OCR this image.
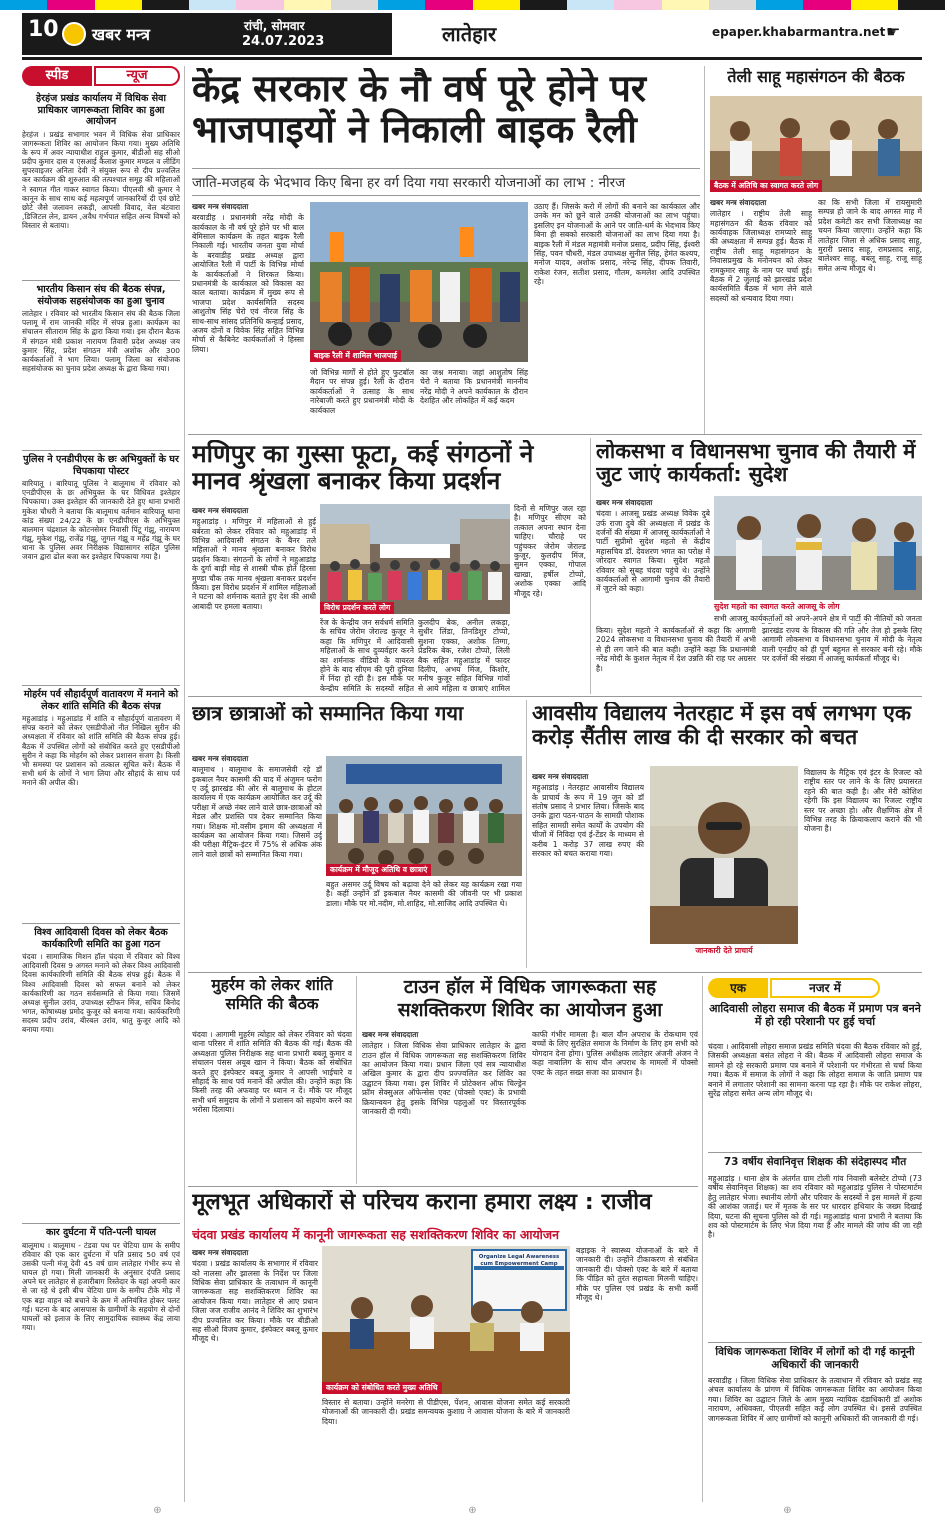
10 खबर मन्त्र	रांची, सोमवार
24.07.2023	लातेहार	epaper.khabarmantra.net ☛
स्पीड	न्यूज
हेरहंज प्रखंड कार्यालय में विधिक सेवा प्राधिकार जागरूकता शिविर का हुआ आयोजन
हेरहंज । प्रखंड सभागार भवन में विधिक सेवा प्राधिकार जागरूकता शिविर का आयोजन किया गया। मुख्य अतिथि के रूप में अवर न्यायाधीश राहुल कुमार, बीडीओ सह सीओ प्रदीप कुमार दास व एसआई कैलाश कुमार मण्डल व लीडिंग सुपरवाइजर अनिता देवी ने संयुक्त रूप से दीप प्रज्वलित कर कार्यक्रम की शुरुआत की तत्पश्चात समूह की महिलाओं ने स्वागत गीत गाकर स्वागत किया। पीएलवी श्री कुमार ने कानून के साथ साथ कई महत्वपूर्ण जानकारियों दी एवं छोटे छोटे जैसे जलावन लकड़ी, आपसी विवाद, वेल बंटवारा ,डिजिटल लेन, डायन ,अवैध गर्भपात सहित अन्य विषयों को विस्तार से बताया।
भारतीय किसान संघ की बैठक संपन्न, संयोजक सहसंयोजक का हुआ चुनाव
लातेहार । रविवार को भारतीय किसान संघ की बैठक जिला पलामू में राम जानकी मंदिर में संपन्न हुआ। कार्यक्रम का संचालन सीताराम सिंह के द्वारा किया गया। इस दौरान बैठक में संगठन मंत्री प्रकाश नारायण तिवारी प्रदेश अध्यक्ष जय कुमार सिंह, प्रदेश संगठन मंत्री अशोक और 300 कार्यकर्ताओं ने भाग लिया। पलामू जिला का संयोजक सहसंयोजक का चुनाव प्रदेश अध्यक्ष के द्वारा किया गया।
पुलिस ने एनडीपीएस के छः अभियुक्तों के घर चिपकाया पोस्टर
बारियातू । बारियातू पुलिस ने बालूमाथ में रविवार को एनडीपीएस के छः अभियुक्त के घर विधिवत इश्तेहार चिपकाया। उक्त इश्तेहार की जानकारी देते हुए थाना प्रभारी मुकेश चौधरी ने बताया कि बालूमाथ वर्तमान बारियातू थाना कांड संख्या 24/22 के छः एनडीपीएस के अभियुक्त बालमान चंद्रशाल के कोटनसेमर निवासी पिंटू गंझू, नारायण गंझू, मुकेश गंझू, राजेंद्र गंझू, जुगल गंझू व महेंद्र गंझू के घर थाना के पुलिस अवर निरीक्षक विद्यासागर सहित पुलिस जवान द्वारा ढोल बजा कर इश्तेहार चिपकाया गया है।
मोहर्रम पर्व सौहार्दपूर्ण वातावरण में मनाने को लेकर शांति समिति की बैठक संपन्न
महुआडांड़ । महुआडांड़ में शांति व सौहार्दपूर्ण वातावरण में संपन्न कराने को लेकर एसडीपीओ नीत निखिल सुरीन की अध्यक्षता में रविवार को शांति समिति की बैठक संपन्न हुई। बैठक में उपस्थित लोगों को संबोधित करते हुए एसडीपीओ सुरीन ने कहा कि मोहर्रम को लेकर प्रशासन सजग है। किसी भी समस्या पर प्रशासन को तत्काल सूचित करें। बैठक में सभी धर्म के लोगों ने भाग लिया और सौहार्द के साथ पर्व मनाने की अपील की।
विश्व आदिवासी दिवस को लेकर बैठक कार्यकारिणी समिति का हुआ गठन
चंदवा । सामाजिक मिशन हॉल चंदवा में रविवार को विश्व आदिवासी दिवस 9 अगस्त मनाने को लेकर विश्व आदिवासी दिवस कार्यकारिणी समिति की बैठक संपन्न हुई। बैठक में विश्व आदिवासी दिवस को सफल बनाने को लेकर कार्यकारिणी का गठन सर्वसम्मति से किया गया। जिसमें अध्यक्ष सुनील उरांव, उपाध्यक्ष स्टीफन मिंज, सचिव बिनोद भगत, कोषाध्यक्ष प्रमोद कुजूर को बनाया गया। कार्यकारिणी सदस्य प्रदीप उरांव, बीरबल उरांव, धातु कुजूर आदि को बनाया गया।
कार दुर्घटना में पति-पत्नी घायल
बालूमाथ । बालूमाथ - टंडवा पथ पर चेटिया ग्राम के समीप रविवार की एक कार दुर्घटना में पति प्रसाद 50 वर्ष एवं उसकी पत्नी मंजू देवी 45 वर्ष ग्राम लातेहार गंभीर रूप से घायल हो गया। मिली जानकारी के अनुसार दंपति प्रसाद अपने घर लातेहार से हजारीबाग रिस्तेदार के यहां अपनी कार से जा रहे थे इसी बीच चेटिया ग्राम के समीप टीके मोड़ में एक बड़ा वाहन को बचाने के क्रम में अनियंत्रित होकर पलट गई। घटना के बाद आसपास के ग्रामीणों के सहयोग से दोनों घायलों को इलाज के लिए सामुदायिक स्वास्थ्य केंद्र लाया गया।
केंद्र सरकार के नौ वर्ष पूरे होने पर भाजपाइयों ने निकाली बाइक रैली
जाति-मजहब के भेदभाव किए बिना हर वर्ग दिया गया सरकारी योजनाओं का लाभ : नीरज
खबर मन्त्र संवाददाता
बरवाडीह । प्रधानमंत्री नरेंद्र मोदी के कार्यकाल के नौ वर्ष पूरे होने पर भी बाल बेमिसाल कार्यक्रम के तहत बाइक रैली निकाली गई। भारतीय जनता युवा मोर्चा के बरवाडीह प्रखंड अध्यक्ष द्वारा आयोजित रैली में पार्टी के विभिन्न मोर्चा के कार्यकर्ताओं ने शिरकत किया। प्रधानमंत्री के कार्यकाल को विकास का काल बताया। कार्यक्रम में मुख्य रूप से भाजपा प्रदेश कार्यसमिति सदस्य आशुतोष सिंह चेरो एवं नीरज सिंह के साथ-साथ सांसद प्रतिनिधि कन्हाई प्रसाद, अजय दोनों व विवेक सिंह सहित विभिन्न मोर्चा से कैबिनेट कार्यकर्ताओं ने हिस्सा लिया।
बाइक रैली में शामिल भाजपाई
जो विभिन्न मार्गों से होते हुए फुटबॉल मैदान पर संपन्न हुई। रैली के दौरान कार्यकर्ताओं ने उत्साह के साथ नारेबाजी करते हुए प्रधानमंत्री मोदी के कार्यकाल
का जश्न मनाया। जहां आशुतोष सिंह चेरो ने बताया कि प्रधानमंत्री माननीय नरेंद्र मोदी ने अपने कार्यकाल के दौरान देशहित और लोकहित में कई कदम
उठाए हैं। जिसके करो में लोगों की बनाने का कार्यकाल और उनके मन को छूने वाले उनकी योजनाओं का लाभ पहुंचा। इसलिए इन योजनाओं के आने पर जाति-धर्म के भेदभाव किए बिना ही सबको सरकारी योजनाओं का लाभ दिया गया है। बाइक रैली में मंडल महामंत्री मनोज प्रसाद, प्रदीप सिंह, ईश्वरी सिंह, पवन चौधरी, मंडल उपाध्यक्ष सुनील सिंह, हेमंत कश्यप, मनोज यादव, अशोक प्रसाद, नरेन्द्र सिंह, दीपक तिवारी, राकेश रंजन, सतीश प्रसाद, गौतम, कमलेश आदि उपस्थित रहे।
तेली साहू महासंगठन की बैठक
बैठक में अतिथि का स्वागत करते लोग
खबर मन्त्र संवाददाता
लातेहार । राष्ट्रीय तेली साहू महासंगठन की बैठक रविवार को कार्यवाहक जिलाध्यक्ष रामप्यारे साहू की अध्यक्षता में सम्पन्न हुई। बैठक में राष्ट्रीय तेली साहू महासंगठन के निवासप्रमुख के मनोनयन को लेकर रामकुमार साहू के नाम पर चर्चा हुई। बैठक में 2 जुलाई को झारखंड प्रदेश कार्यसमिति बैठक में भाग लेने वाले सदस्यों को धन्यवाद दिया गया।
का कि सभी जिला में रायसुमारी सम्पन्न हो जाने के बाद अगस्त माह में प्रदेश कमेटी कर सभी जिलाध्यक्ष का चयन किया जाएगा। उन्होंने कहा कि लातेहार जिला से अधिक प्रसाद साहू, मुरारी प्रसाद साहू, रामप्रसाद साहू, बालेश्वर साहू, बबलू साहू, राजू साहू समेत अन्य मौजूद थे।
मणिपुर का गुस्सा फूटा, कई संगठनों ने मानव श्रृंखला बनाकर किया प्रदर्शन
खबर मन्त्र संवाददाता
महुआडांड़ । मणिपुर में महिलाओं से हुई बर्बरता को लेकर रविवार को महुआडांड़ में विभिन्न आदिवासी संगठन के बैनर तले महिलाओं ने मानव श्रृंखला बनाकर विरोध प्रदर्शन किया। संगठनों के लोगों ने महुआडांड़ के दुर्गा बाड़ी मोड़ से शास्त्री चौक होते हिरसा मुण्डा चौक तक मानव श्रृंखला बनाकर प्रदर्शन किया। इस विरोध प्रदर्शन में शामिल महिलाओं ने घटना को शर्मनाक बताते हुए देश की आधी आबादी पर हमला बताया।	विरोध प्रदर्शन करते लोग
दिनों से मणिपुर जल रहा है। मणिपुर सीएम को तत्काल अपना स्थान देना चाहिए। चौराहे पर पहुंचकर जेरोम जेराल्ड कुजूर, कुलदीप मिंज, सुमन एक्का, गोपाल खाखा, हर्षील टोप्पो, अशोक एक्का आदि मौजूद रहे।
रेंज के केन्द्रीय जन सर्वधर्म समिति के सचिव जेरोम जेराल्ड कुजूर ने कहा कि मणिपुर में आदिवासी महिलाओं के साथ दुव्यर्वहार करने का शर्मनाक वीडियो के वायरल होने के बाद सीएम की पूरी दुनिया में निंदा हो रही है। इस मौके पर केन्द्रीय समिति के सदस्यों सहित
कुलदीप बेक, अनील लकड़ा, सुधीर लिंडा, तिनडिशुर टोप्पो, सुशना एक्का, अशोक तिग्गा, प्रेडरिक बेक, रजेश टोप्पो, लिली बैक सहित महुआडांड़ में फादर दिलीप, अभय मिंज, किशोर, मनीष कुजूर सहित विभिन्न गांवों से आये महिला व छात्राएं शामिल
लोकसभा व विधानसभा चुनाव की तैयारी में जुट जाएं कार्यकर्ता: सुदेश
खबर मन्त्र संवाददाता
चंदवा । आजसू प्रखंड अध्यक्ष विवेक दुबे उर्फ राजा दुबे की अध्यक्षता में प्रखंड के दर्जनों की संख्या में आजसू कार्यकर्ताओं ने पार्टी सुप्रीमो सुदेश महतो से केंद्रीय महासचिव डॉ. देवशरण भगत का परोक्ष में जोरदार स्वागत किया। सुदेश महतो रविवार को सुबह चंदवा पहुंचे थे। उन्होंने कार्यकर्ताओं से आगामी चुनाव की तैयारी में जुटने को कहा।
सुदेश महतो का स्वागत करते आजसू के लोग
सभी आजसू कार्यकर्ताओं को अपने-अपने क्षेत्र में पार्टी की नीतियों को जनता
किया। सुदेश महतो ने कार्यकर्ताओं से कहा कि आगामी 2024 लोकसभा व विधानसभा चुनाव की तैयारी में अभी से ही लग जाने की बात कही। उन्होंने कहा कि प्रधानमंत्री नरेंद्र मोदी के कुशल नेतृत्व में देश उन्नति की राह पर अग्रसर है।
झारखंड राज्य के विकास की गति और तेज हो इसके लिए आगामी लोकसभा व विधानसभा चुनाव में मोदी के नेतृत्व वाली एनडीए को ही पूर्ण बहुमत से सरकार बनी रहे। मौके पर दर्जनों की संख्या में आजसू कार्यकर्ता मौजूद थे।
छात्र छात्राओं को सम्मानित किया गया
खबर मन्त्र संवाददाता
बालूमाथ । बालूमाथ के समाजसेवी रहे डॉ इकबाल नैयर कासमी की याद में अंजुमन फरोग ए उर्दू झारखंड की ओर से बालूमाथ के होटल कार्यालय में एक कार्यक्रम आयोजित कर उर्दू की परीक्षा में अच्छे नंबर लाने वाले छात्र-छात्राओं को मेडल और प्रशस्ति पत्र देकर सम्मानित किया गया। शिक्षक मो.वसीम इमाम की अध्यक्षता में कार्यक्रम का आयोजन किया गया। जिसमें उर्दू की परीक्षा मैट्रिक-इंटर में 75% से अधिक अंक लाने वाले छात्रों को सम्मानित किया गया।
कार्यक्रम में मौजूद अतिथि व छात्राएं
बहुत असमर उर्दू विषय को बढ़ावा देने को लेकर यह कार्यक्रम रखा गया है। कहीं उन्होंने डॉ इकबाल नैयर कासमी की जीवनी पर भी प्रकाश डाला। मौके पर मो.नदीम, मो.शाहिद, मो.साजिद आदि उपस्थित थे।
आवसीय विद्यालय नेतरहाट में इस वर्ष लगभग एक करोड़ सैंतीस लाख की दी सरकार को बचत
खबर मन्त्र संवाददाता
महुआडांड़ । नेतरहाट आवासीय विद्यालय के प्राचार्य के रूप में 19 जून को डॉ संतोष प्रसाद ने प्रभार लिया। जिसके बाद उनके द्वारा पठन-पाठन के सामग्री पोशाक सहित सामग्री समेत कार्यों के उपयोग की चीजों में निविदा एवं ई-टेंडर के माध्यम से करीब 1 करोड़ 37 लाख रुपए की सरकार को बचत कराया गया।
जानकारी देते प्राचार्य
विद्यालय के मैट्रिक एवं इंटर के रिजल्ट को राष्ट्रीय स्तर पर लाने के के लिए प्रयासरत रहने की बात कही है। और मेरी कोशिश रहेगी कि इस विद्यालय का रिजल्ट राष्ट्रीय स्तर पर अच्छा हो। और शैक्षणिक क्षेत्र में विभिन्न तरह के क्रियाकलाप कराने की भी योजना है।
मुहर्रम को लेकर शांति समिति की बैठक
चंदवा । आगामी मुहर्रम त्योहार को लेकर रविवार को चंदवा थाना परिसर में शांति समिति की बैठक की गई। बैठक की अध्यक्षता पुलिस निरीक्षक सह थाना प्रभारी बबलू कुमार व संचालन पंसस अयूब खान ने किया। बैठक को संबोधित करते हुए इंस्पेक्टर बबलू कुमार ने आपसी भाईचारे व सौहार्द के साथ पर्व मनाने की अपील की। उन्होंने कहा कि किसी तरह की अफवाह पर ध्यान न दें। मौके पर मौजूद सभी धर्म समुदाय के लोगों ने प्रशासन को सहयोग करने का भरोसा दिलाया।
टाउन हॉल में विधिक जागरूकता सह सशक्तिकरण शिविर का आयोजन हुआ
खबर मन्त्र संवाददाता
लातेहार । जिला विधिक सेवा प्राधिकार लातेहार के द्वारा टाउन हॉल में विधिक जागरूकता सह सशक्तिकरण शिविर का आयोजन किया गया। प्रधान जिला एवं सत्र न्यायाधीश अखिल कुमार के द्वारा दीप प्रज्ज्वलित कर शिविर का उद्घाटन किया गया। इस शिविर में प्रोटेक्शन ऑफ चिल्ड्रेन फ्रॉम सेक्सुअल ऑफेन्सेस एक्ट (पोक्सो एक्ट) के प्रभावी क्रियान्वयन हेतु इसके विभिन्न पहलुओं पर विस्तारपूर्वक जानकारी दी गयी।
काफी गंभीर मामला है। बाल यौन अपराध के रोकथाम एवं बच्चों के लिए सुरक्षित समाज के निर्माण के लिए हम सभी को योगदान देना होगा। पुलिस अधीक्षक लातेहार अंजनी अंजन ने कहा नाबालिग के साथ यौन अपराध के मामलों में पोक्सो एक्ट के तहत सख्त सजा का प्रावधान है।
एक	नजर में
आदिवासी लोहरा समाज की बैठक में प्रमाण पत्र बनने में हो रही परेशानी पर हुई चर्चा
चंदवा । आदिवासी लोहरा समाज प्रखंड समिति चंदवा की बैठक रविवार को हुई, जिसकी अध्यक्षता बसंत लोहरा ने की। बैठक में आदिवासी लोहरा समाज के सामने हो रहे सरकारी प्रमाण पत्र बनाने में परेशानी पर गंभीरता से चर्चा किया गया। बैठक में समाज के लोगों ने कहा कि लोहरा समाज के जाति प्रमाण पत्र बनाने में लगातार परेशानी का सामना करना पड़ रहा है। मौके पर राकेश लोहरा, सुरेंद्र लोहरा समेत अन्य लोग मौजूद थे।
73 वर्षीय सेवानिवृत्त शिक्षक की संदेहास्पद मौत
महुआडांड़ । थाना क्षेत्र के अंतर्गत ग्राम टोली गांव निवासी बलेस्टेर टोप्पो (73 वर्षीय सेवानिवृत्त शिक्षक) का शव रविवार को महुआडांड़ पुलिस ने पोस्टमार्टम हेतु लातेहार भेजा। स्थानीय लोगों और परिवार के सदस्यों ने इस मामले में हत्या की आशंका जताई। घर में मृतक के सर पर धारदार हथियार के जख्म दिखाई दिया, घटना की सूचना पुलिस को दी गई। महुआडांड़ थाना प्रभारी ने बताया कि शव को पोस्टमार्टम के लिए भेज दिया गया है और मामले की जांच की जा रही है।
विधिक जागरूकता शिविर में लोगों को दी गई कानूनी अधिकारों की जानकारी
बरवाडीह । जिला विधिक सेवा प्राधिकार के तत्वाधान में रविवार को प्रखंड सह अंचल कार्यालय के प्रांगण में विधिक जागरूकता शिविर का आयोजन किया गया। शिविर का उद्घाटन जिले के आम मुख्य न्यायिक दंडाधिकारी डॉ अशोक नारायण, अधिवक्ता, पीएलवी सहित कई लोग उपस्थित थे। इससे उपस्थित जागरूकता शिविर में आए ग्रामीणों को कानूनी अधिकारों की जानकारी दी गई।
मूलभूत अधिकारों से परिचय कराना हमारा लक्ष्य : राजीव
चंदवा प्रखंड कार्यालय में कानूनी जागरूकता सह सशक्तिकरण शिविर का आयोजन
खबर मन्त्र संवाददाता
चंदवा । प्रखंड कार्यालय के सभागार में रविवार को नालसा और झालसा के निर्देश पर जिला विधिक सेवा प्राधिकार के तत्वाधान में कानूनी जागरूकता सह सशक्तिकरण शिविर का आयोजन किया गया। लातेहार से आए प्रधान जिला जज राजीव आनंद ने शिविर का शुभारंभ दीप प्रज्वलित कर किया। मौके पर बीडीओ सह सीओ विजय कुमार, इंस्पेक्टर बबलू कुमार मौजूद थे।
Organize Legal Awareness cum Empowerment Camp
कार्यक्रम को संबोधित करते मुख्य अतिथि
विस्तार से बताया। उन्होंने मनरेगा से पीडीएस, पेंशन, आवास योजना समेत कई सरकारी योजनाओं की जानकारी दी। प्रखंड समन्वयक कुशाग्र ने आवास योजना के बारे में जानकारी दिया।
बड़ाइक ने स्वास्थ्य योजनाओं के बारे में जानकारी दी। उन्होंने टीकाकरण से संबंधित जानकारी दी। पोक्सो एक्ट के बारे में बताया कि पीड़ित को तुरंत सहायता मिलनी चाहिए। मौके पर पुलिस एवं प्रखंड के सभी कर्मी मौजूद थे।
⊕	⊕	⊕
